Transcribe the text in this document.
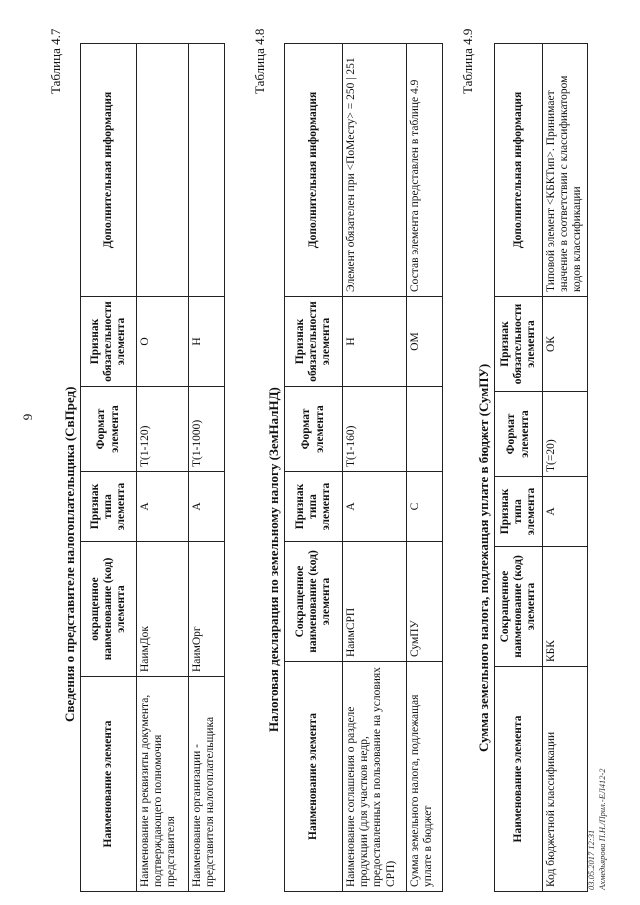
9
Таблица 4.7
Сведения о представителе налогоплательщика (СвПред)
Наименование элемента	окращенное наименование (код) элемента	Признак типа элемента	Формат элемента	Признак обязательности элемента	Дополнительная информация
Наименование и реквизиты документа, подтверждающего полномочия представителя	НаимДок	А	T(1-120)	О	
Наименование организации - представителя налогоплательщика	НаимОрг	А	T(1-1000)	Н	
Таблица 4.8
Налоговая декларация по земельному налогу (ЗемНалНД)
Наименование элемента	Сокращенное наименование (код) элемента	Признак типа элемента	Формат элемента	Признак обязательности элемента	Дополнительная информация
Наименование соглашения о разделе продукции (для участков недр, предоставленных в пользование на условиях СРП)	НаимСРП	А	T(1-160)	Н	Элемент обязателен при <ПоМесту> = 250 | 251
Сумма земельного налога, подлежащая уплате в бюджет	СумПУ	С		ОМ	Состав элемента представлен в таблице 4.9
Таблица 4.9
Сумма земельного налога, подлежащая уплате в бюджет (СумПУ)
Наименование элемента	Сокращенное наименование (код) элемента	Признак типа элемента	Формат элемента	Признак обязательности элемента	Дополнительная информация
Код бюджетной классификации	КБК	А	T(=20)	ОК	Типовой элемент <КБКТип>. Принимает значение в соответствии с классификатором кодов классификации
03.05.2017 12:31 Ахмедьярова П.Н./Прил.-ЕЛ412-2
